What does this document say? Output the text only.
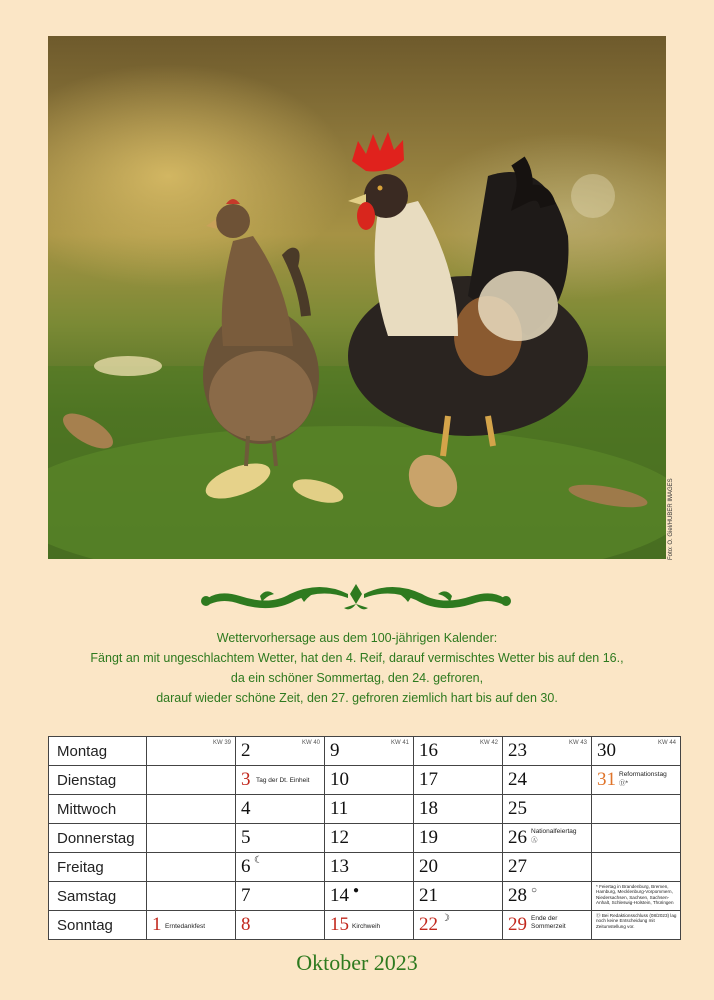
Foto: O. Giel/HUBER IMAGES
Wettervorhersage aus dem 100-jährigen Kalender:
Fängt an mit ungeschlachtem Wetter, hat den 4. Reif, darauf vermischtes Wetter bis auf den 16.,
da ein schöner Sommertag, den 24. gefroren,
darauf wieder schöne Zeit, den 27. gefroren ziemlich hart bis auf den 30.
Montag	KW 39	2 KW 40	9 KW 41	16 KW 42	23 KW 43	30 KW 44

Dienstag		3 Tag der Dt. Einheit	10	17	24	31 Reformationstag
Ⓓ*

Mittwoch		4	11	18	25	

Donnerstag		5	12	19	26 Nationalfeiertag
Ⓐ	

Freitag		6 ☾	13	20	27	

Samstag		7	14 ●	21	28 ○	* Feiertag in Brandenburg, Bremen, Hamburg, Mecklenburg-Vorpommern, Niedersachsen, Sachsen, Sachsen-Anhalt, Schleswig-Holstein, Thüringen

Sonntag	1 Erntedankfest	8	15 Kirchweih	22 ☽	29 Ende der Sommerzeit	Ⓓ Bei Redaktionsschluss (08/2023) lag noch keine Entscheidung mit Zeitumstellung vor.
Oktober 2023
